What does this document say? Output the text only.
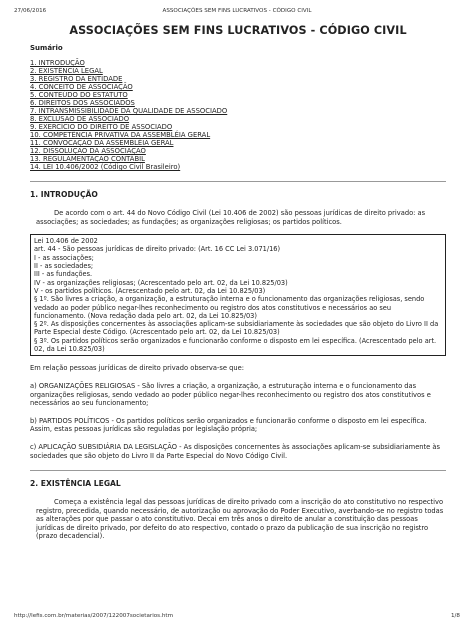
27/06/2016	ASSOCIAÇÕES SEM FINS LUCRATIVOS - CÓDIGO CIVIL
ASSOCIAÇÕES SEM FINS LUCRATIVOS - CÓDIGO CIVIL
Sumário
1. INTRODUÇÃO
2. EXISTÊNCIA LEGAL
3. REGISTRO DA ENTIDADE
4. CONCEITO DE ASSOCIAÇÃO
5. CONTEÚDO DO ESTATUTO
6. DIREITOS DOS ASSOCIADOS
7. INTRANSMISSIBILIDADE DA QUALIDADE DE ASSOCIADO
8. EXCLUSÃO DE ASSOCIADO
9. EXERCÍCIO DO DIREITO DE ASSOCIADO
10. COMPETÊNCIA PRIVATIVA DA ASSEMBLÉIA GERAL
11. CONVOCAÇÃO DA ASSEMBLÉIA GERAL
12. DISSOLUÇÃO DA ASSOCIAÇÃO
13. REGULAMENTAÇÃO CONTÁBIL
14. LEI 10.406/2002 (Código Civil Brasileiro)
1. INTRODUÇÃO

De acordo com o art. 44 do Novo Código Civil (Lei 10.406 de 2002) são pessoas jurídicas de direito privado: as associações; as sociedades; as fundações; as organizações religiosas; os partidos políticos.

Lei 10.406 de 2002
art. 44 - São pessoas jurídicas de direito privado: (Art. 16 CC Lei 3.071/16)
I - as associações;
II - as sociedades;
III - as fundações.
IV - as organizações religiosas; (Acrescentado pelo art. 02, da Lei 10.825/03)
V - os partidos políticos. (Acrescentado pelo art. 02, da Lei 10.825/03)
§ 1º. São livres a criação, a organização, a estruturação interna e o funcionamento das organizações religiosas, sendo vedado ao poder público negar-lhes reconhecimento ou registro dos atos constitutivos e necessários ao seu funcionamento. (Nova redação dada pelo art. 02, da Lei 10.825/03)
§ 2º. As disposições concernentes às associações aplicam-se subsidiariamente às sociedades que são objeto do Livro II da Parte Especial deste Código. (Acrescentado pelo art. 02, da Lei 10.825/03)
§ 3º. Os partidos políticos serão organizados e funcionarão conforme o disposto em lei específica. (Acrescentado pelo art. 02, da Lei 10.825/03)

Em relação pessoas jurídicas de direito privado observa-se que:

a) ORGANIZAÇÕES RELIGIOSAS - São livres a criação, a organização, a estruturação interna e o funcionamento das organizações religiosas, sendo vedado ao poder público negar-lhes reconhecimento ou registro dos atos constitutivos e necessários ao seu funcionamento;

b) PARTIDOS POLÍTICOS - Os partidos políticos serão organizados e funcionarão conforme o disposto em lei específica. Assim, estas pessoas jurídicas são reguladas por legislação própria;

c) APLICAÇÃO SUBSIDIÁRIA DA LEGISLAÇÃO - As disposições concernentes às associações aplicam-se subsidiariamente às sociedades que são objeto do Livro II da Parte Especial do Novo Código Civil.

2. EXISTÊNCIA LEGAL

Começa a existência legal das pessoas jurídicas de direito privado com a inscrição do ato constitutivo no respectivo registro, precedida, quando necessário, de autorização ou aprovação do Poder Executivo, averbando-se no registro todas as alterações por que passar o ato constitutivo. Decai em três anos o direito de anular a constituição das pessoas jurídicas de direito privado, por defeito do ato respectivo, contado o prazo da publicação de sua inscrição no registro (prazo decadencial).

http://lefis.com.br/materias/2007/122007societarios.htm	1/8
